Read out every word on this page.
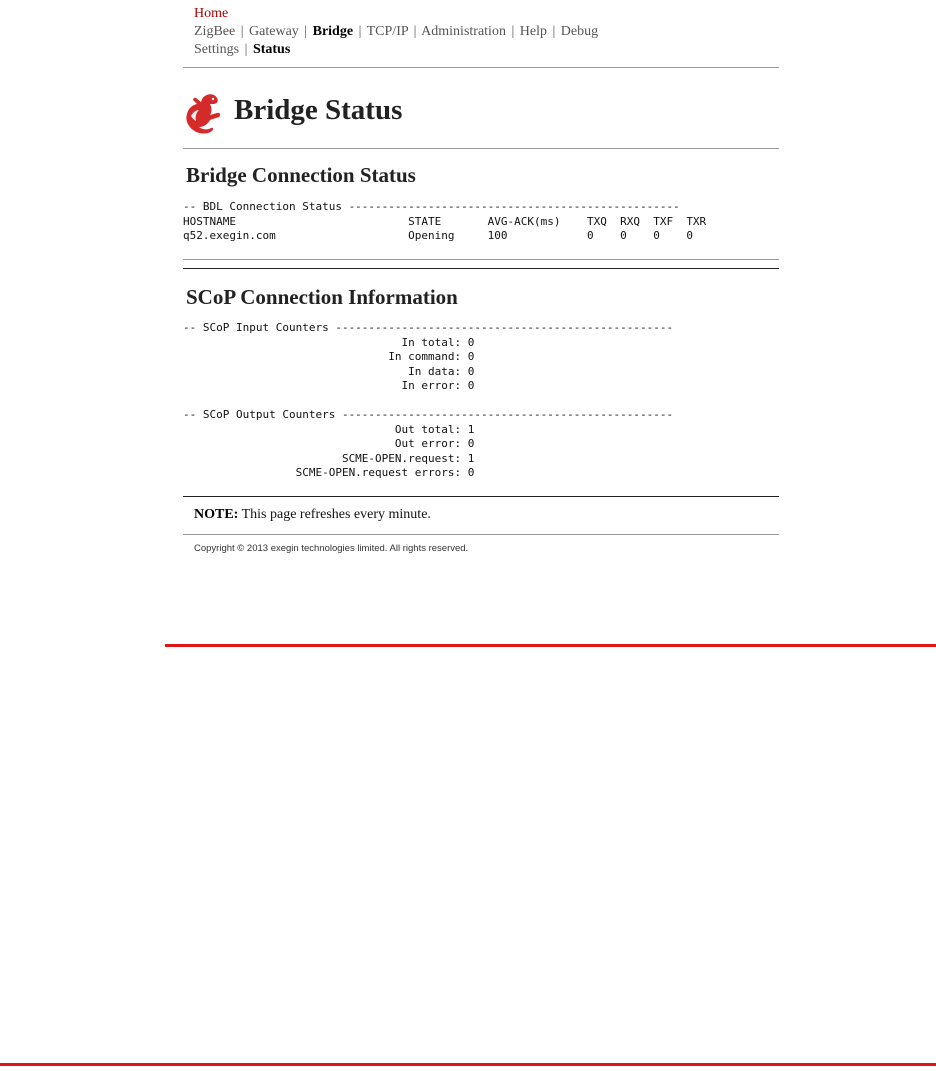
Home
ZigBee | Gateway | Bridge | TCP/IP | Administration | Help | Debug
Settings | Status
Bridge Status
Bridge Connection Status
-- BDL Connection Status --------------------------------------------------
HOSTNAME                          STATE       AVG-ACK(ms)    TXQ  RXQ  TXF  TXR
q52.exegin.com                    Opening     100            0    0    0    0
SCoP Connection Information
-- SCoP Input Counters ---------------------------------------------------
In total: 0
In command: 0
In data: 0
In error: 0

-- SCoP Output Counters --------------------------------------------------
Out total: 1
Out error: 0
SCME-OPEN.request: 1
SCME-OPEN.request errors: 0
NOTE: This page refreshes every minute.
Copyright © 2013 exegin technologies limited. All rights reserved.
